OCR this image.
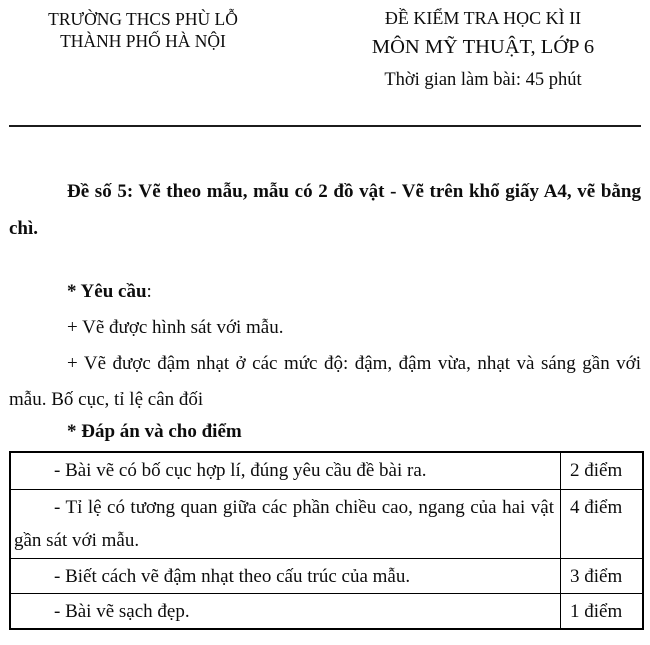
TRƯỜNG THCS PHÙ LỖ
THÀNH PHỐ HÀ NỘI
ĐỀ KIỂM TRA HỌC KÌ II
MÔN MỸ THUẬT, LỚP 6
Thời gian làm bài: 45 phút

Đề số 5: Vẽ theo mẫu, mẫu có 2 đồ vật - Vẽ trên khổ giấy A4, vẽ bằng chì.

* Yêu cầu:

+ Vẽ được hình sát với mẫu.

+ Vẽ được đậm nhạt ở các mức độ: đậm, đậm vừa, nhạt và sáng gần với mẫu. Bố cục, tỉ lệ cân đối

* Đáp án và cho điểm

- Bài vẽ có bố cục hợp lí, đúng yêu cầu đề bài ra.	2 điểm

- Tỉ lệ có tương quan giữa các phần chiều cao, ngang của hai vật gần sát với mẫu.	4 điểm

- Biết cách vẽ đậm nhạt theo cấu trúc của mẫu.	3 điểm

- Bài vẽ sạch đẹp.	1 điểm
